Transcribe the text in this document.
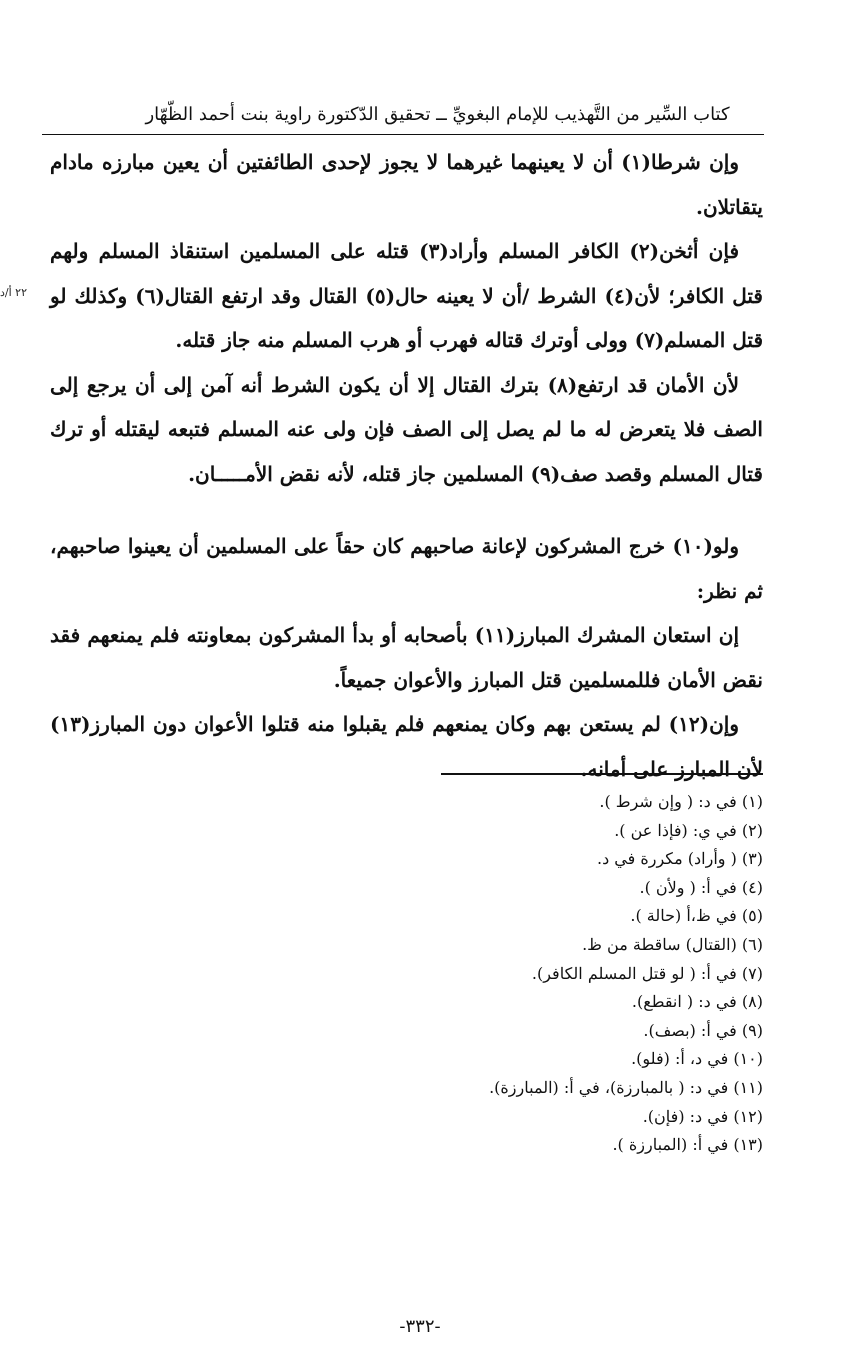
كتاب السِّير من التَّهذيب للإمام البغويِّ ــ تحقيق الدّكتورة راوية بنت أحمد الظّهّار
٢٢ أ/د

وإن شرطا(١) أن لا يعينهما غيرهما لا يجوز لإحدى الطائفتين أن يعين مبارزه مادام يتقاتلان.

فإن أثخن(٢) الكافر المسلم وأراد(٣) قتله على المسلمين استنقاذ المسلم ولهم قتل الكافر؛ لأن(٤) الشرط /أن لا يعينه حال(٥) القتال وقد ارتفع القتال(٦) وكذلك لو قتل المسلم(٧) وولى أوترك قتاله فهرب أو هرب المسلم منه جاز قتله.

لأن الأمان قد ارتفع(٨) بترك القتال إلا أن يكون الشرط أنه آمن إلى أن يرجع إلى الصف فلا يتعرض له ما لم يصل إلى الصف فإن ولى عنه المسلم فتبعه ليقتله أو ترك قتال المسلم وقصد صف(٩) المسلمين جاز قتله، لأنه نقض الأمـــــان.

ولو(١٠) خرج المشركون لإعانة صاحبهم كان حقاً على المسلمين أن يعينوا صاحبهم، ثم نظر:

إن استعان المشرك المبارز(١١) بأصحابه أو بدأ المشركون بمعاونته فلم يمنعهم فقد نقض الأمان فللمسلمين قتل المبارز والأعوان جميعاً.

وإن(١٢) لم يستعن بهم وكان يمنعهم فلم يقبلوا منه قتلوا الأعوان دون المبارز(١٣) لأن المبارز على أمانه.

(١) في د: ( وإن شرط ).

(٢) في ي: (فإذا عن ).

(٣) ( وأراد) مكررة في د.

(٤) في أ: ( ولأن ).

(٥) في ظ،أ (حالة ).

(٦) (القتال) ساقطة من ظ.

(٧) في أ: ( لو قتل المسلم الكافر).

(٨) في د: ( انقطع).

(٩) في أ: (بصف).

(١٠) في د، أ: (فلو).

(١١) في د: ( بالمبارزة)، في أ: (المبارزة).

(١٢) في د: (فإن).

(١٣) في أ: (المبارزة ).

-٣٣٢-
